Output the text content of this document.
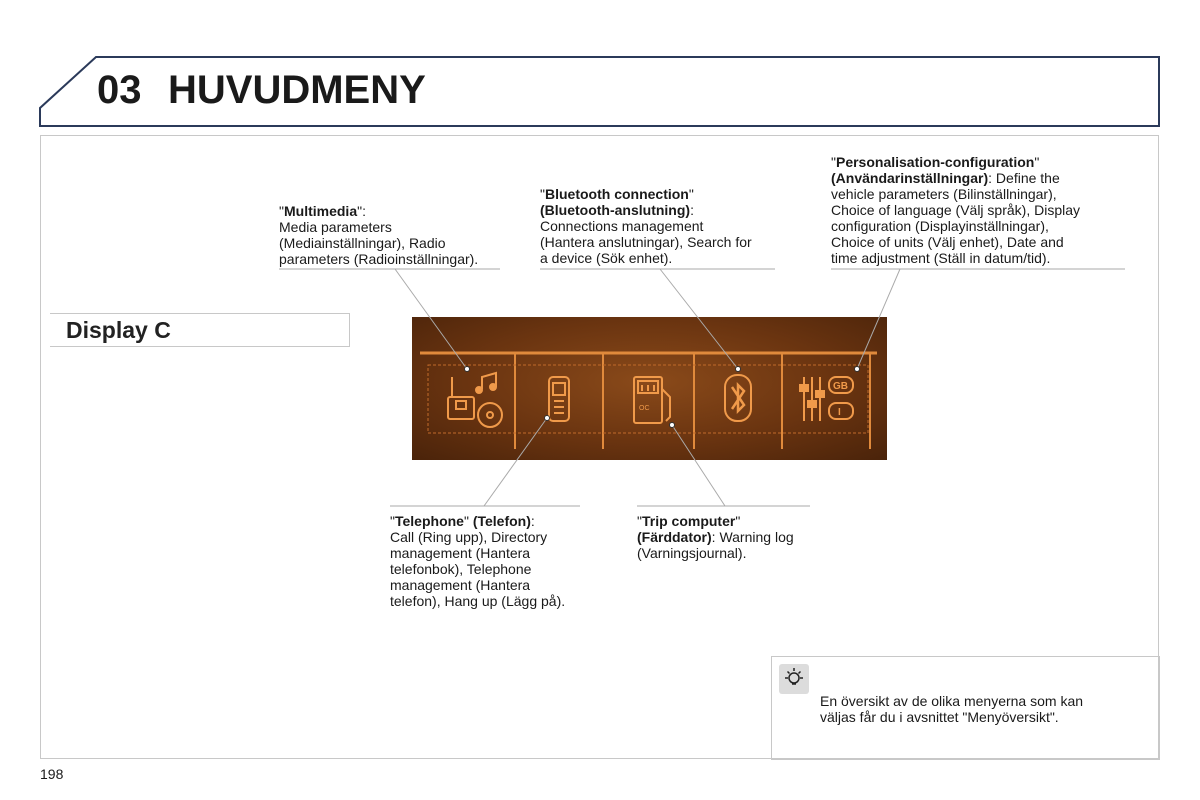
03 HUVUDMENY
Display C
"Multimedia":
Media parameters
(Mediainställningar), Radio
parameters (Radioinställningar).
"Bluetooth connection"
(Bluetooth-anslutning):
Connections management
(Hantera anslutningar), Search for
a device (Sök enhet).
"Personalisation-configuration"
(Användarinställningar): Define the
vehicle parameters (Bilinställningar),
Choice of language (Välj språk), Display
configuration (Displayinställningar),
Choice of units (Välj enhet), Date and
time adjustment (Ställ in datum/tid).
"Telephone" (Telefon):
Call (Ring upp), Directory
management (Hantera
telefonbok), Telephone
management (Hantera
telefon), Hang up (Lägg på).
"Trip computer"
(Färddator): Warning log
(Varningsjournal).
OC
GB
I
En översikt av de olika menyerna som kan
väljas får du i avsnittet "Menyöversikt".
198
